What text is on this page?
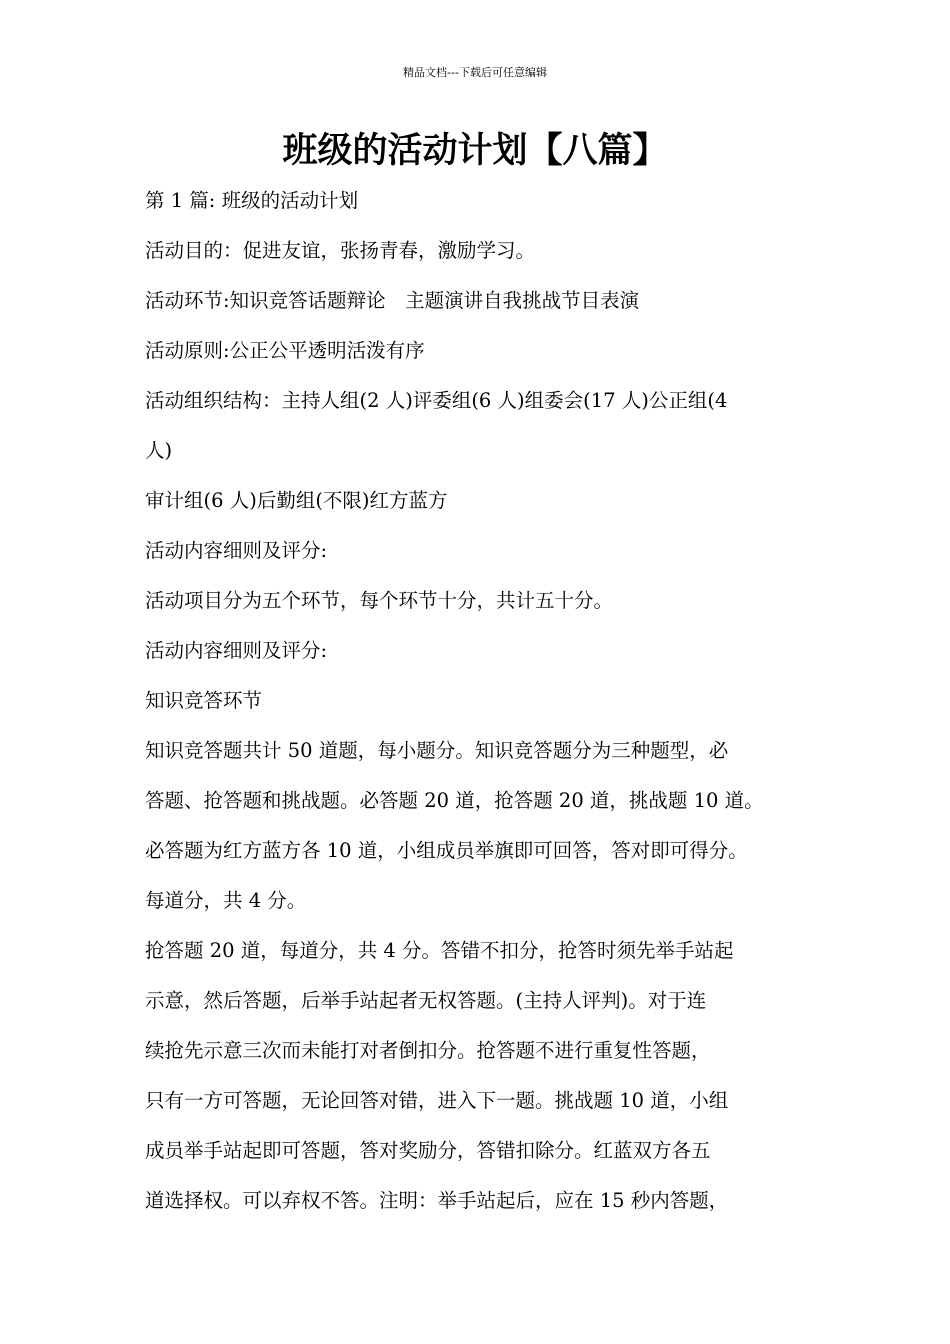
精品文档---下载后可任意编辑
班级的活动计划【八篇】

第 1 篇: 班级的活动计划

活动目的：促进友谊，张扬青春，激励学习。

活动环节:知识竞答话题辩论　主题演讲自我挑战节目表演

活动原则:公正公平透明活泼有序

活动组织结构：主持人组(2 人)评委组(6 人)组委会(17 人)公正组(4

人)

审计组(6 人)后勤组(不限)红方蓝方

活动内容细则及评分:

活动项目分为五个环节，每个环节十分，共计五十分。

活动内容细则及评分:

知识竞答环节

知识竞答题共计 50 道题，每小题分。知识竞答题分为三种题型，必

答题、抢答题和挑战题。必答题 20 道，抢答题 20 道，挑战题 10 道。

必答题为红方蓝方各 10 道，小组成员举旗即可回答，答对即可得分。

每道分，共 4 分。

抢答题 20 道，每道分，共 4 分。答错不扣分，抢答时须先举手站起

示意，然后答题，后举手站起者无权答题。(主持人评判)。对于连

续抢先示意三次而未能打对者倒扣分。抢答题不进行重复性答题，

只有一方可答题，无论回答对错，进入下一题。挑战题 10 道，小组

成员举手站起即可答题，答对奖励分，答错扣除分。红蓝双方各五

道选择权。可以弃权不答。注明：举手站起后，应在 15 秒内答题，
